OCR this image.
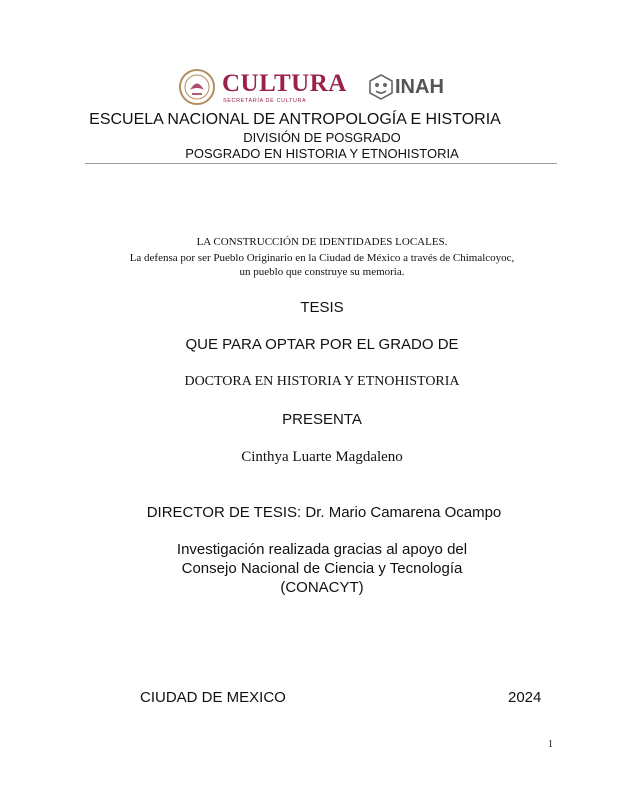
CULTURA
SECRETARÍA DE CULTURA
INAH
ESCUELA NACIONAL DE ANTROPOLOGÍA E HISTORIA
DIVISIÓN DE POSGRADO
POSGRADO EN HISTORIA Y ETNOHISTORIA
LA CONSTRUCCIÓN DE IDENTIDADES LOCALES.
La defensa por ser Pueblo Originario en la Ciudad de México a través de Chimalcoyoc,
un pueblo que construye su memoria.
TESIS
QUE PARA OPTAR POR EL GRADO DE
DOCTORA EN HISTORIA Y ETNOHISTORIA
PRESENTA
Cinthya Luarte Magdaleno
DIRECTOR DE TESIS: Dr. Mario Camarena Ocampo
Investigación realizada gracias al apoyo del
Consejo Nacional de Ciencia y Tecnología
(CONACYT)
CIUDAD DE MEXICO	2024
1
